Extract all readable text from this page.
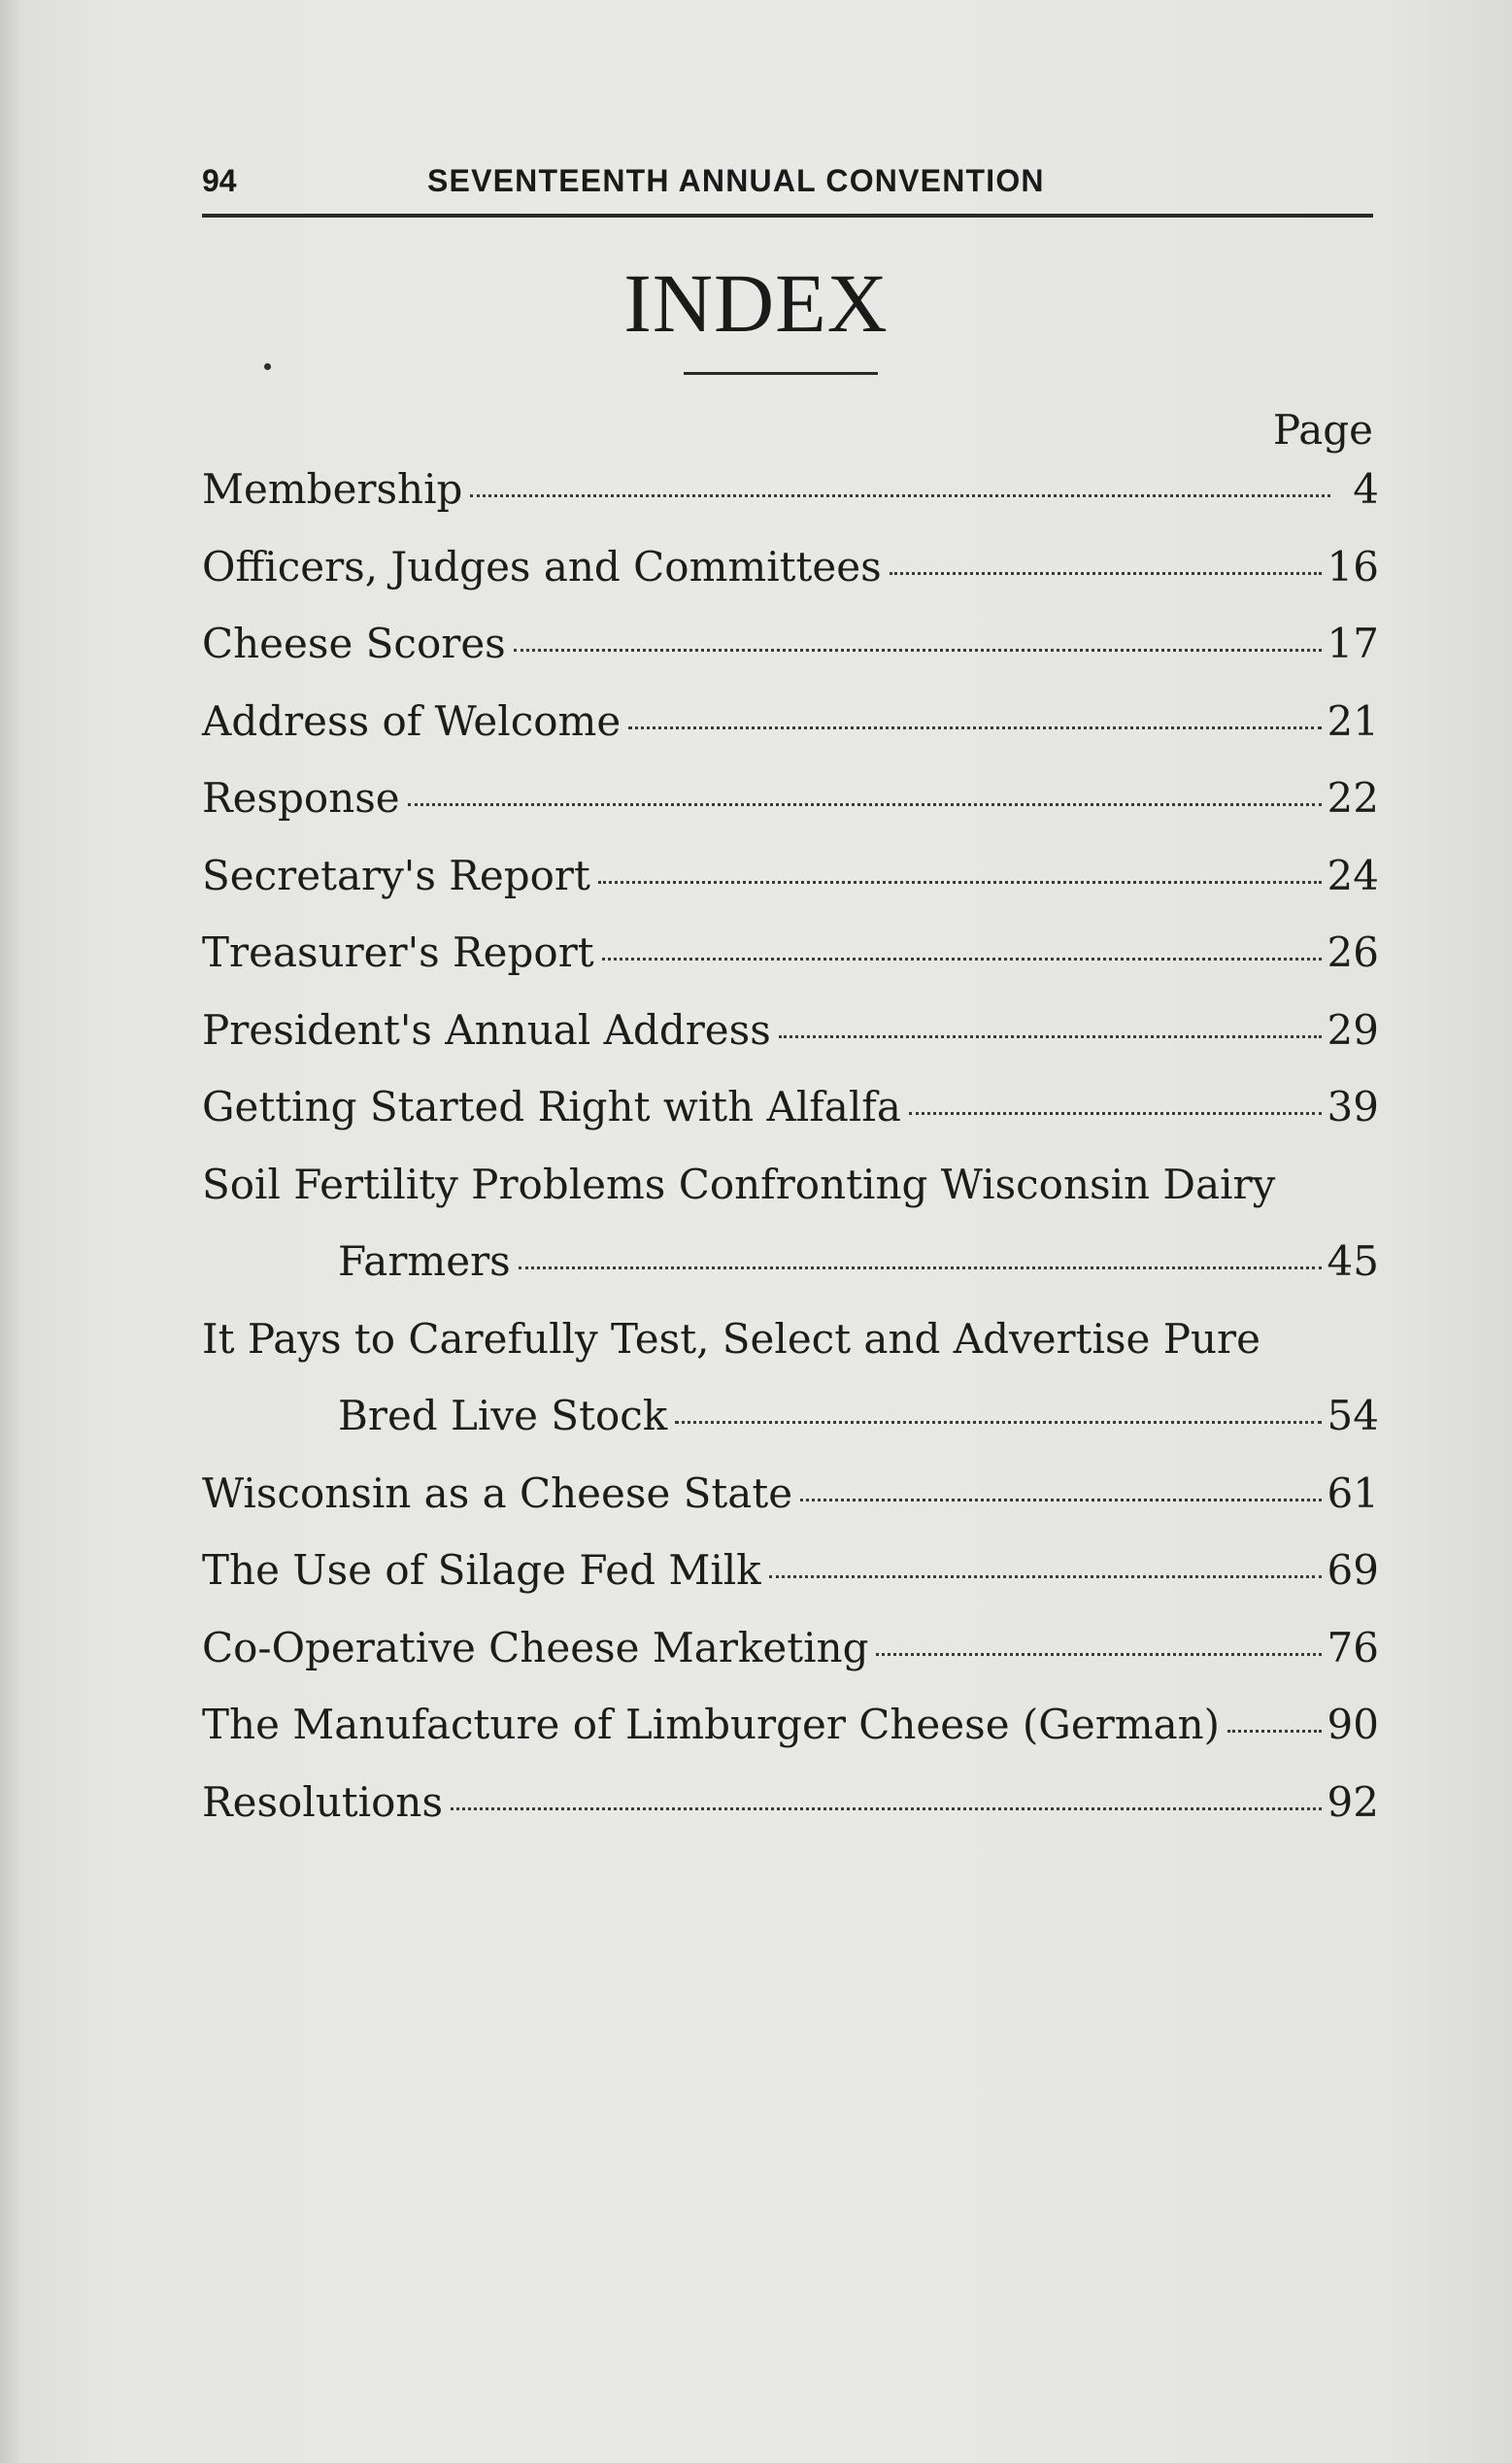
94	SEVENTEENTH ANNUAL CONVENTION
INDEX
Page
Membership	4
Officers, Judges and Committees	16
Cheese Scores	17
Address of Welcome	21
Response	22
Secretary's Report	24
Treasurer's Report	26
President's Annual Address	29
Getting Started Right with Alfalfa	39
Soil Fertility Problems Confronting Wisconsin Dairy
Farmers	45
It Pays to Carefully Test, Select and Advertise Pure
Bred Live Stock	54
Wisconsin as a Cheese State	61
The Use of Silage Fed Milk	69
Co-Operative Cheese Marketing	76
The Manufacture of Limburger Cheese (German)	90
Resolutions	92
